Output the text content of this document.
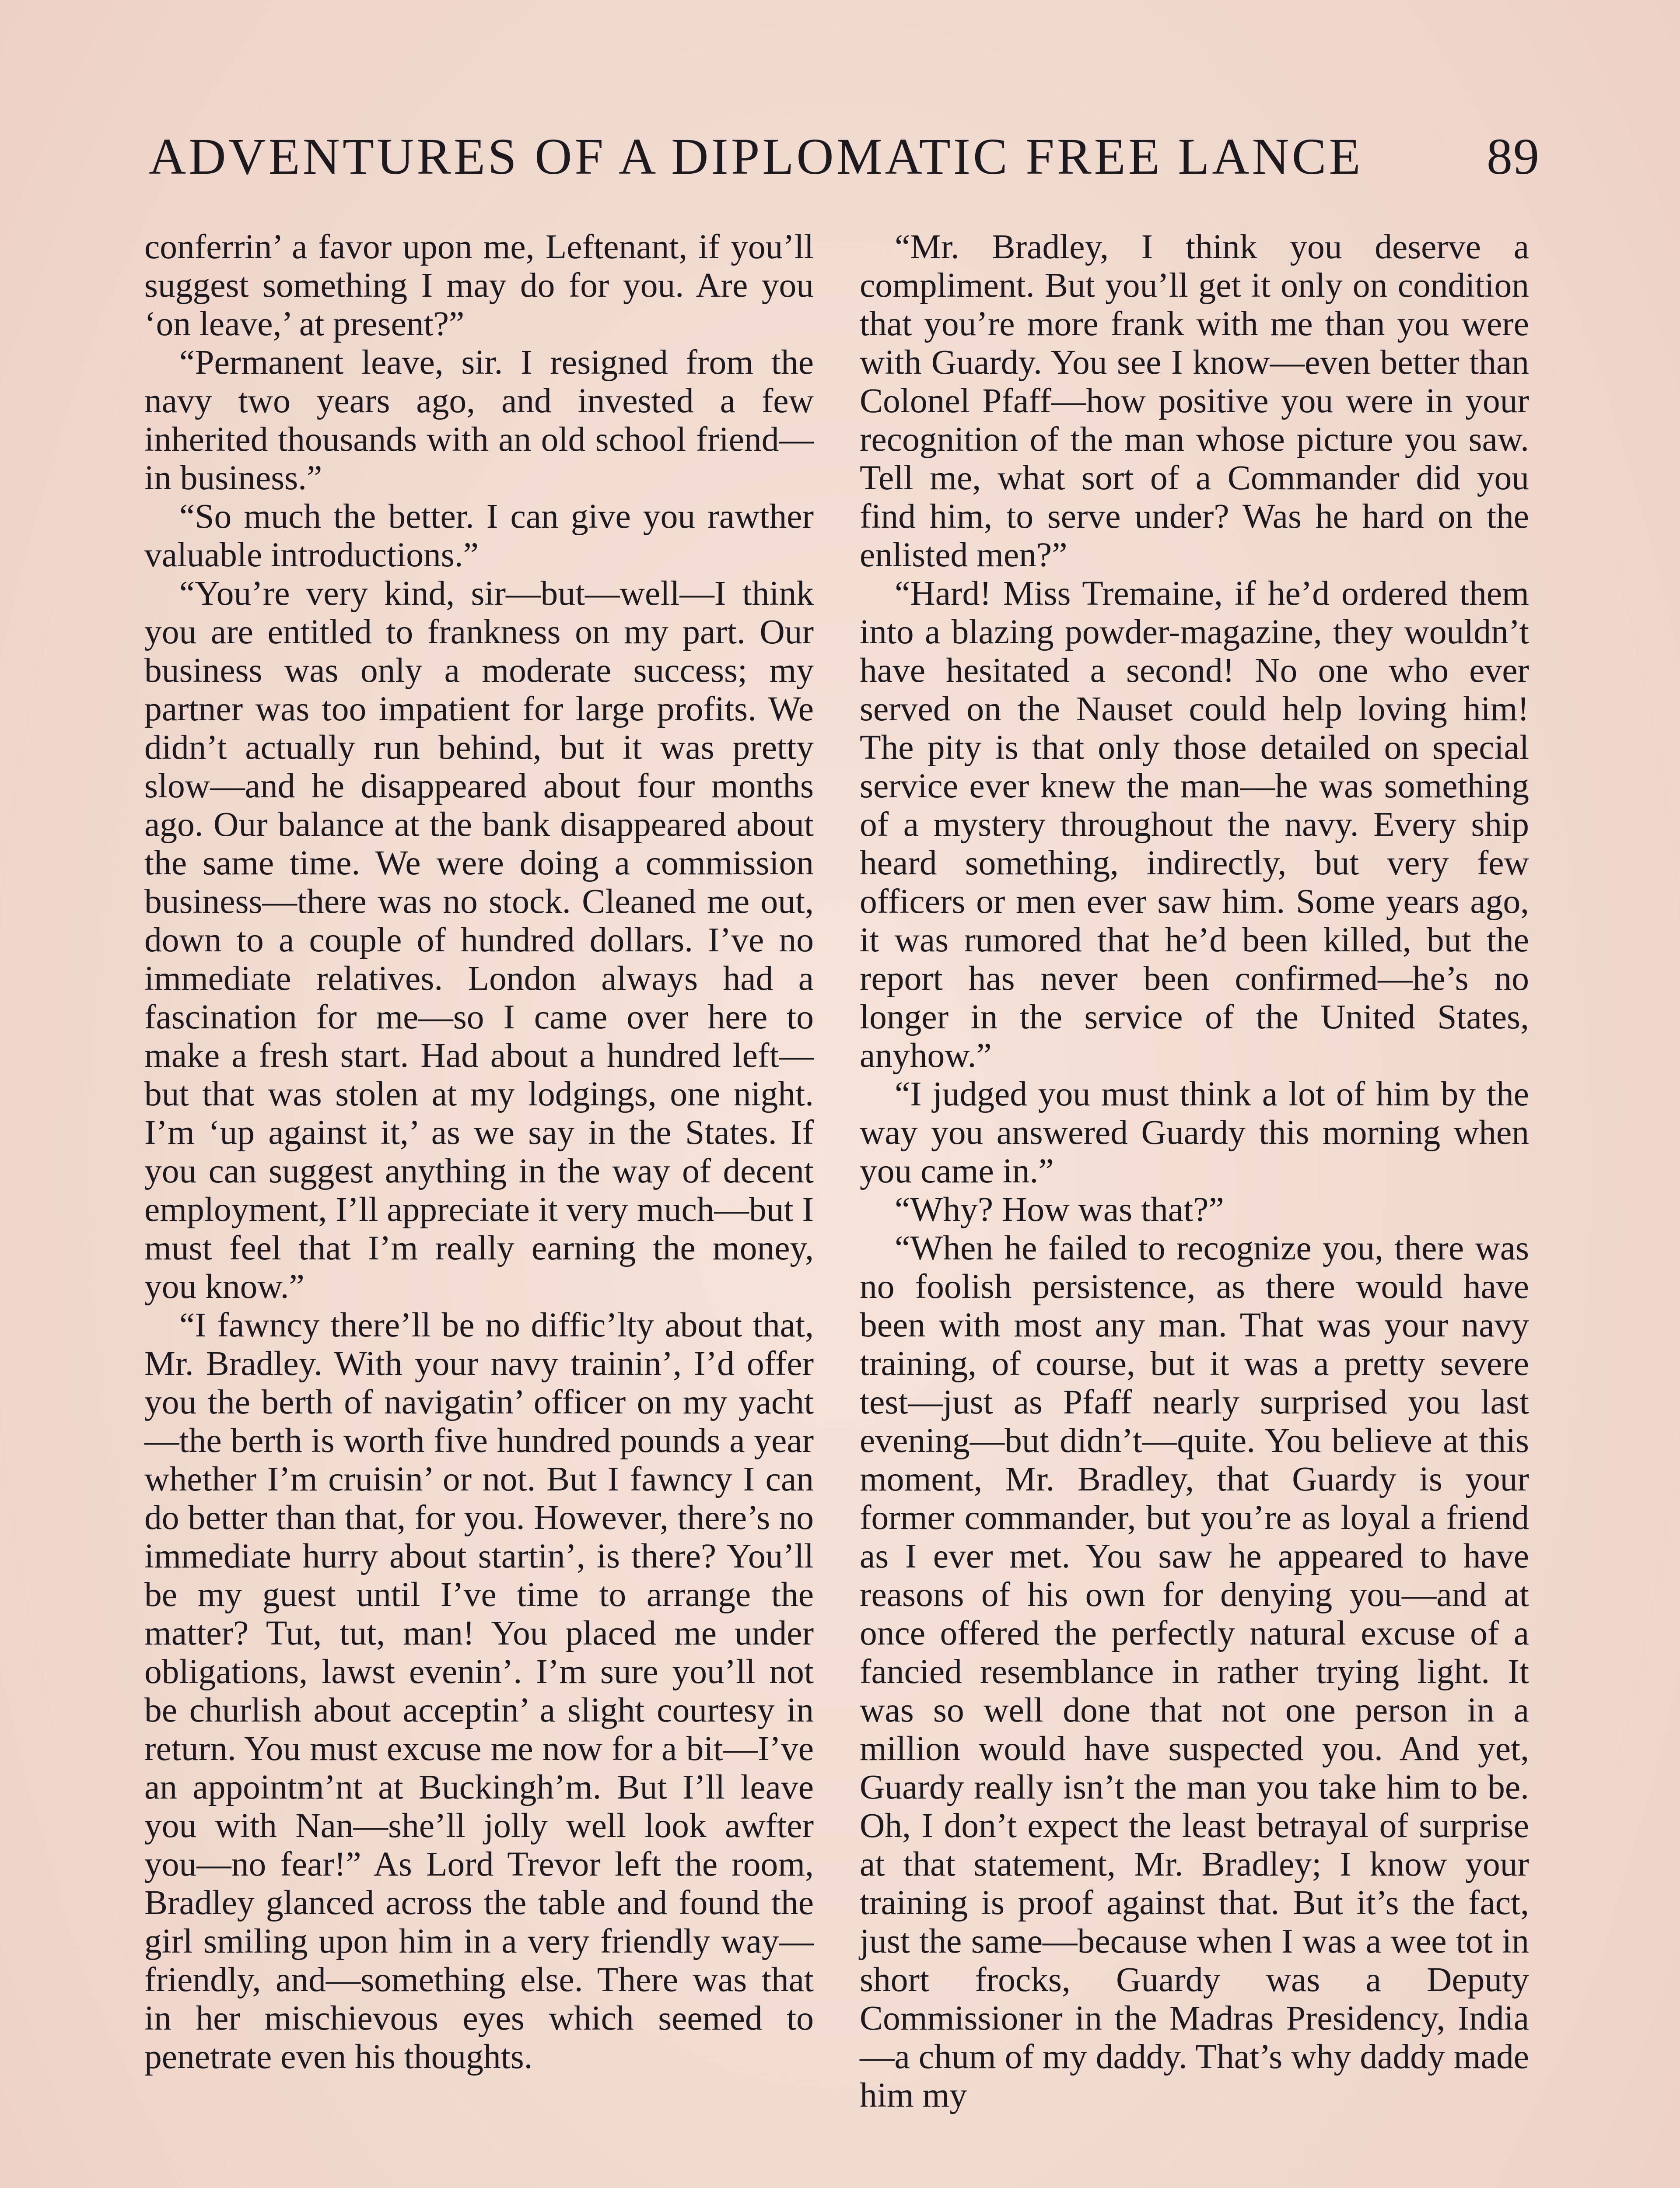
ADVENTURES OF A DIPLOMATIC FREE LANCE 89

conferrin’ a favor upon me, Leftenant, if you’ll suggest something I may do for you. Are you ‘on leave,’ at present?”

“Permanent leave, sir. I resigned from the navy two years ago, and invested a few inherited thousands with an old school friend—in business.”

“So much the better. I can give you rawther valuable introductions.”

“You’re very kind, sir—but—well—I think you are entitled to frankness on my part. Our business was only a moderate success; my partner was too impatient for large profits. We didn’t actually run behind, but it was pretty slow—and he disappeared about four months ago. Our balance at the bank disappeared about the same time. We were doing a commission business—there was no stock. Cleaned me out, down to a couple of hundred dollars. I’ve no immediate relatives. London always had a fascination for me—so I came over here to make a fresh start. Had about a hundred left—but that was stolen at my lodgings, one night. I’m ‘up against it,’ as we say in the States. If you can suggest anything in the way of decent employment, I’ll appreciate it very much—but I must feel that I’m really earning the money, you know.”

“I fawncy there’ll be no diffic’lty about that, Mr. Bradley. With your navy trainin’, I’d offer you the berth of navigatin’ officer on my yacht—the berth is worth five hundred pounds a year whether I’m cruisin’ or not. But I fawncy I can do better than that, for you. However, there’s no immediate hurry about startin’, is there? You’ll be my guest until I’ve time to arrange the matter? Tut, tut, man! You placed me under obligations, lawst evenin’. I’m sure you’ll not be churlish about acceptin’ a slight courtesy in return. You must excuse me now for a bit—I’ve an appointm’nt at Buckingh’m. But I’ll leave you with Nan—she’ll jolly well look awfter you—no fear!” As Lord Trevor left the room, Bradley glanced across the table and found the girl smiling upon him in a very friendly way—friendly, and—something else. There was that in her mischievous eyes which seemed to penetrate even his thoughts.

“Mr. Bradley, I think you deserve a compliment. But you’ll get it only on condition that you’re more frank with me than you were with Guardy. You see I know—even better than Colonel Pfaff—how positive you were in your recognition of the man whose picture you saw. Tell me, what sort of a Commander did you find him, to serve under? Was he hard on the enlisted men?”

“Hard! Miss Tremaine, if he’d ordered them into a blazing powder-magazine, they wouldn’t have hesitated a second! No one who ever served on the Nauset could help loving him! The pity is that only those detailed on special service ever knew the man—he was something of a mystery throughout the navy. Every ship heard something, indirectly, but very few officers or men ever saw him. Some years ago, it was rumored that he’d been killed, but the report has never been confirmed—he’s no longer in the service of the United States, anyhow.”

“I judged you must think a lot of him by the way you answered Guardy this morning when you came in.”

“Why? How was that?”

“When he failed to recognize you, there was no foolish persistence, as there would have been with most any man. That was your navy training, of course, but it was a pretty severe test—just as Pfaff nearly surprised you last evening—but didn’t—quite. You believe at this moment, Mr. Bradley, that Guardy is your former commander, but you’re as loyal a friend as I ever met. You saw he appeared to have reasons of his own for denying you—and at once offered the perfectly natural excuse of a fancied resemblance in rather trying light. It was so well done that not one person in a million would have suspected you. And yet, Guardy really isn’t the man you take him to be. Oh, I don’t expect the least betrayal of surprise at that statement, Mr. Bradley; I know your training is proof against that. But it’s the fact, just the same—because when I was a wee tot in short frocks, Guardy was a Deputy Commissioner in the Madras Presidency, India—a chum of my daddy. That’s why daddy made him my
